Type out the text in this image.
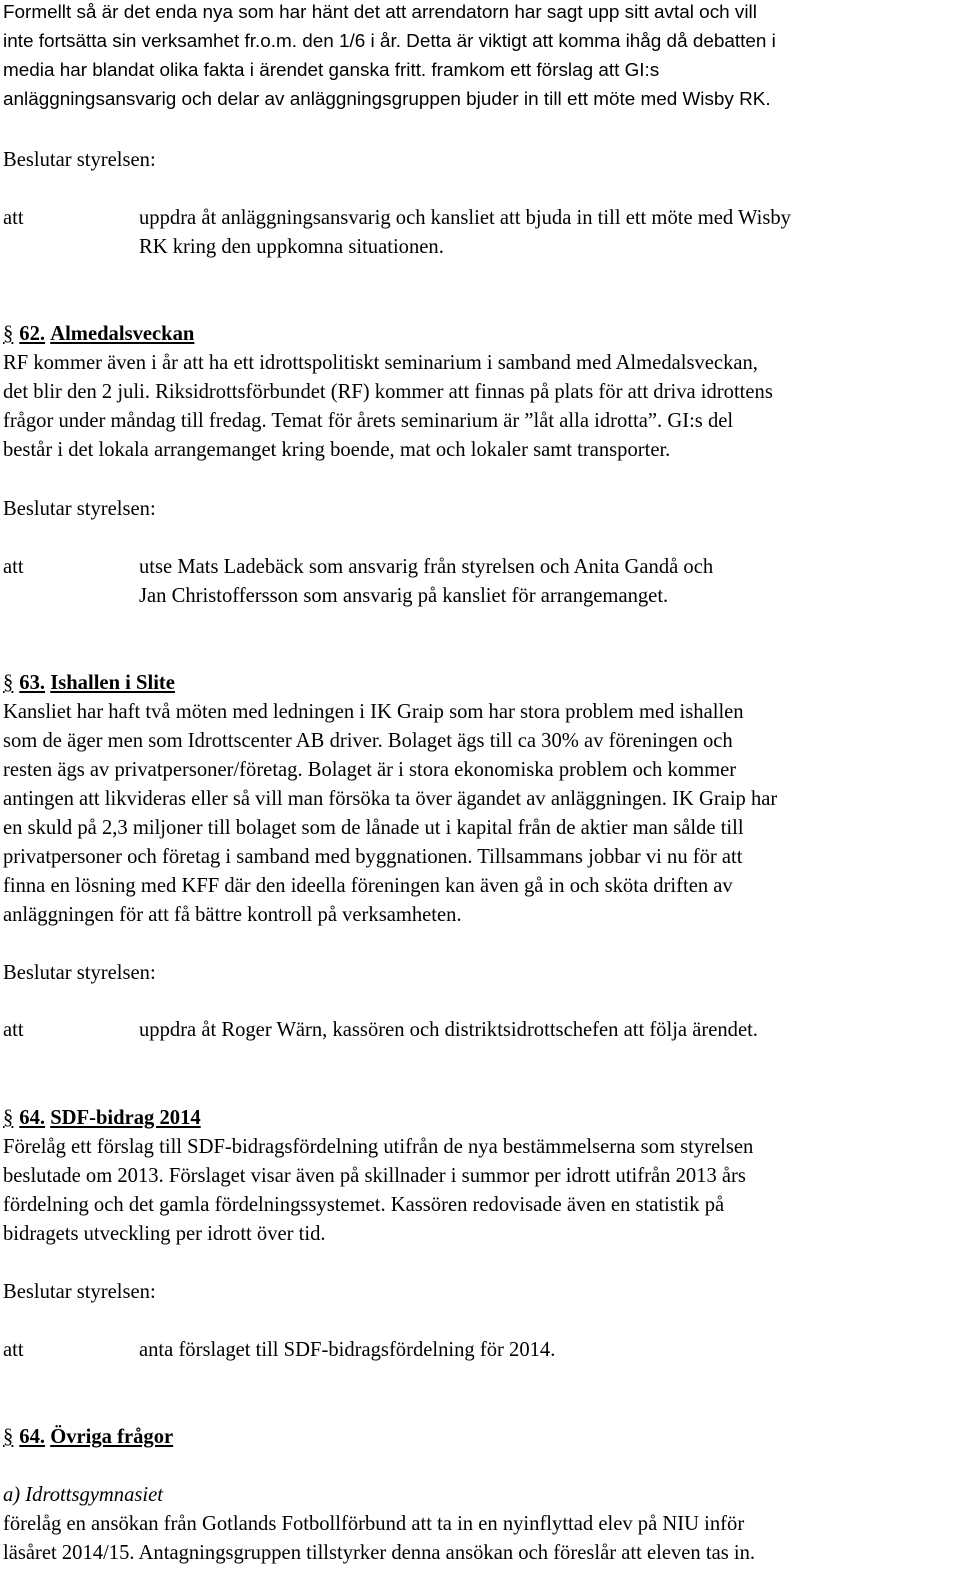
Formellt så är det enda nya som har hänt det att arrendatorn har sagt upp sitt avtal och vill
inte fortsätta sin verksamhet fr.o.m. den 1/6 i år. Detta är viktigt att komma ihåg då debatten i
media har blandat olika fakta i ärendet ganska fritt. framkom ett förslag att GI:s
anläggningsansvarig och delar av anläggningsgruppen bjuder in till ett möte med Wisby RK.
Beslutar styrelsen:
att	uppdra åt anläggningsansvarig och kansliet att bjuda in till ett möte med Wisby
RK kring den uppkomna situationen.
§ 62. Almedalsveckan
RF kommer även i år att ha ett idrottspolitiskt seminarium i samband med Almedalsveckan,
det blir den 2 juli. Riksidrottsförbundet (RF) kommer att finnas på plats för att driva idrottens
frågor under måndag till fredag. Temat för årets seminarium är ”låt alla idrotta”. GI:s del
består i det lokala arrangemanget kring boende, mat och lokaler samt transporter.
Beslutar styrelsen:
att	utse Mats Ladebäck som ansvarig från styrelsen och Anita Gandå och
Jan Christoffersson som ansvarig på kansliet för arrangemanget.
§ 63. Ishallen i Slite
Kansliet har haft två möten med ledningen i IK Graip som har stora problem med ishallen
som de äger men som Idrottscenter AB driver. Bolaget ägs till ca 30% av föreningen och
resten ägs av privatpersoner/företag. Bolaget är i stora ekonomiska problem och kommer
antingen att likvideras eller så vill man försöka ta över ägandet av anläggningen. IK Graip har
en skuld på 2,3 miljoner till bolaget som de lånade ut i kapital från de aktier man sålde till
privatpersoner och företag i samband med byggnationen. Tillsammans jobbar vi nu för att
finna en lösning med KFF där den ideella föreningen kan även gå in och sköta driften av
anläggningen för att få bättre kontroll på verksamheten.
Beslutar styrelsen:
att	uppdra åt Roger Wärn, kassören och distriktsidrottschefen att följa ärendet.
§ 64. SDF-bidrag 2014
Förelåg ett förslag till SDF-bidragsfördelning utifrån de nya bestämmelserna som styrelsen
beslutade om 2013. Förslaget visar även på skillnader i summor per idrott utifrån 2013 års
fördelning och det gamla fördelningssystemet. Kassören redovisade även en statistik på
bidragets utveckling per idrott över tid.
Beslutar styrelsen:
att	anta förslaget till SDF-bidragsfördelning för 2014.
§ 64. Övriga frågor
a) Idrottsgymnasiet
förelåg en ansökan från Gotlands Fotbollförbund att ta in en nyinflyttad elev på NIU inför
läsåret 2014/15. Antagningsgruppen tillstyrker denna ansökan och föreslår att eleven tas in.
